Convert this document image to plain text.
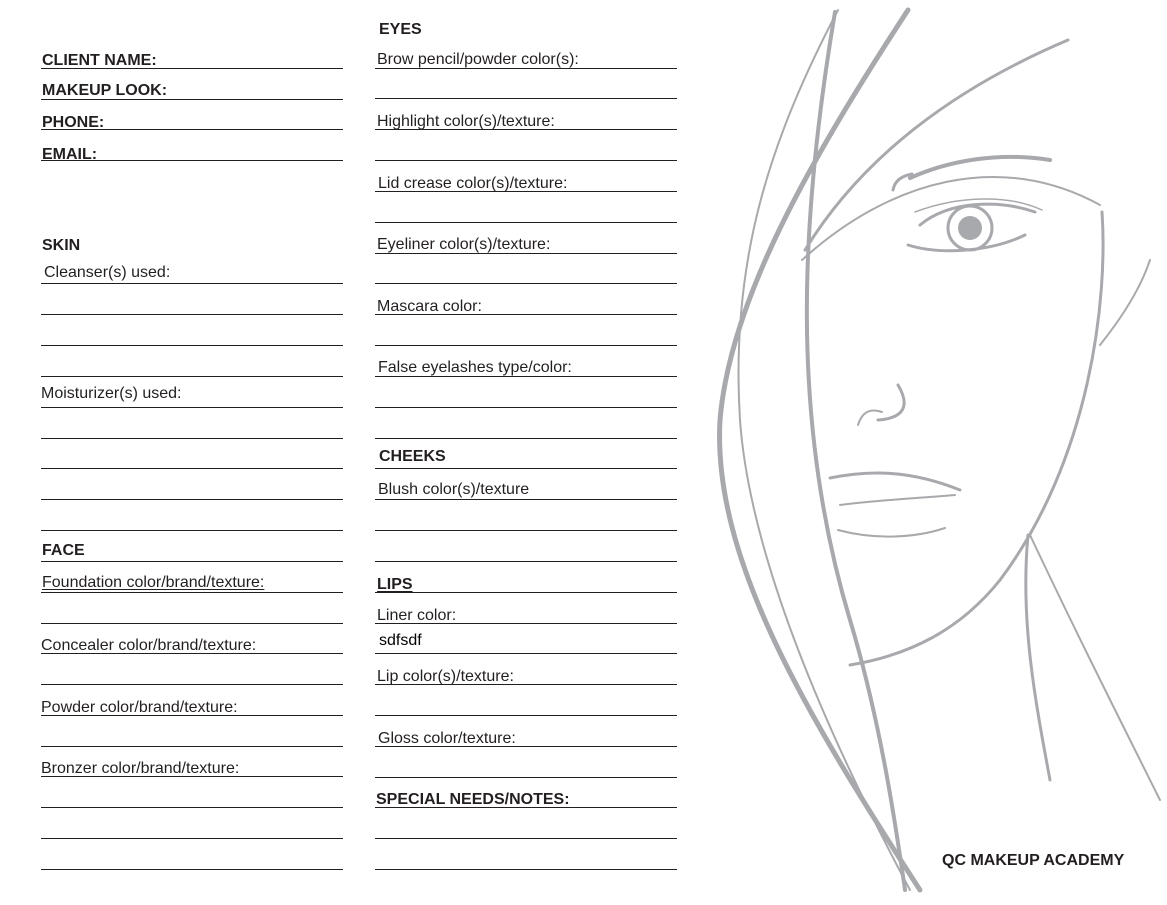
CLIENT NAME:
MAKEUP LOOK:
PHONE:
EMAIL:
SKIN
Cleanser(s) used:
Moisturizer(s) used:
FACE
Foundation color/brand/texture:
Concealer color/brand/texture:
Powder color/brand/texture:
Bronzer color/brand/texture:
EYES
Brow pencil/powder color(s):
Highlight color(s)/texture:
Lid crease color(s)/texture:
Eyeliner color(s)/texture:
Mascara color:
False eyelashes type/color:
CHEEKS
Blush color(s)/texture
LIPS
Liner color:
sdfsdf
Lip color(s)/texture:
Gloss color/texture:
SPECIAL NEEDS/NOTES:
QC MAKEUP ACADEMY
